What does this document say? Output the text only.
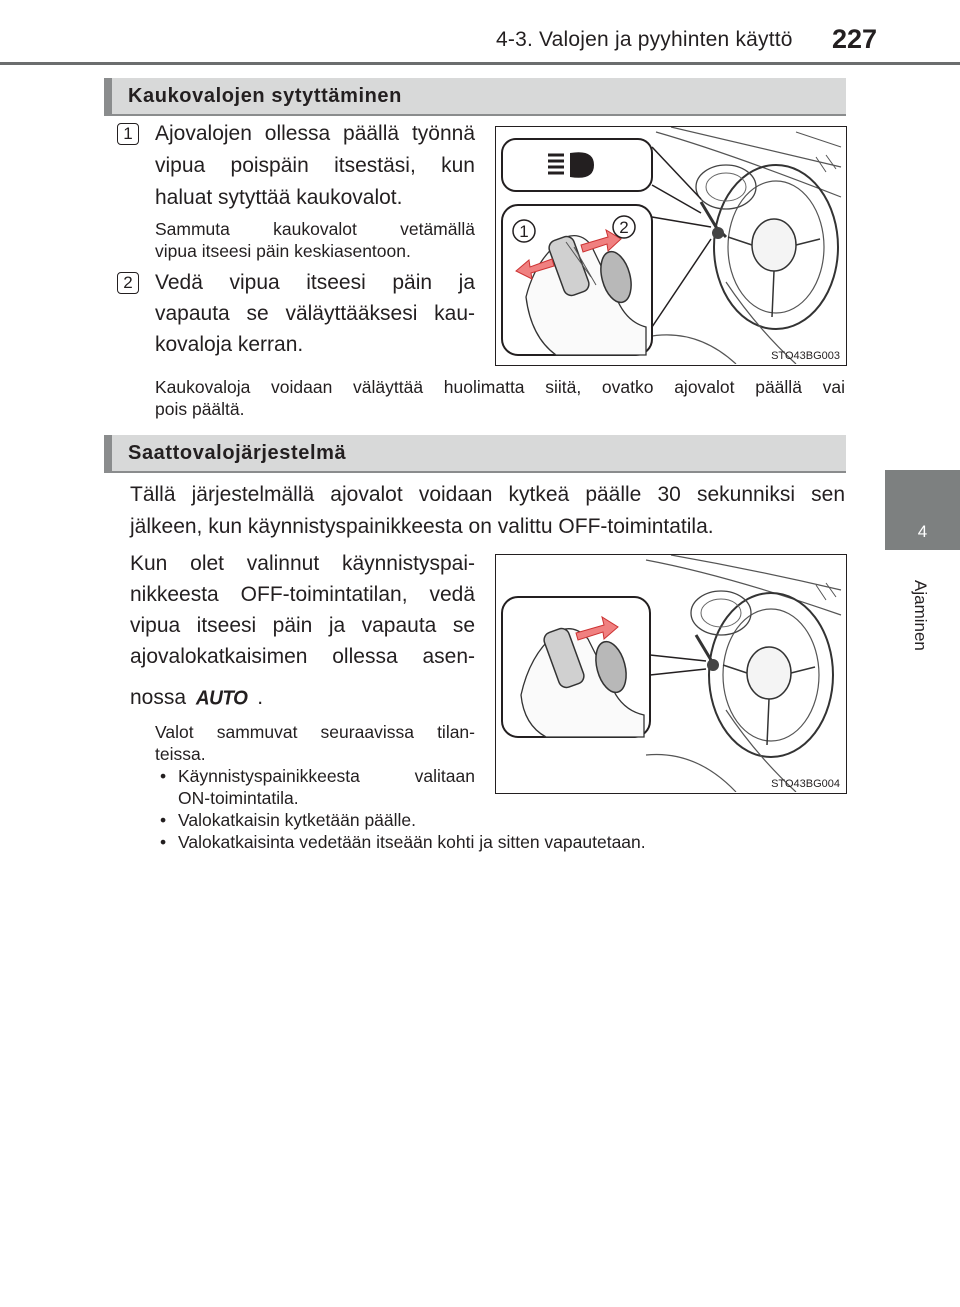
4-3. Valojen ja pyyhinten käyttö 227
4
Ajaminen
Kaukovalojen sytyttäminen
1 Ajovalojen ollessa päällä työnnä
vipua poispäin itsestäsi, kun
haluat sytyttää kaukovalot.
Sammuta kaukovalot vetämällä
vipua itseesi päin keskiasentoon.
2 Vedä vipua itseesi päin ja
vapauta se väläyttääksesi kau-
kovaloja kerran.
1	2
STO43BG003
Kaukovaloja voidaan väläyttää huolimatta siitä, ovatko ajovalot päällä vai
pois päältä.
Saattovalojärjestelmä
Tällä järjestelmällä ajovalot voidaan kytkeä päälle 30 sekunniksi sen
jälkeen, kun käynnistyspainikkeesta on valittu OFF-toimintatila.
Kun olet valinnut käynnistyspai-
nikkeesta OFF-toimintatilan, vedä
vipua itseesi päin ja vapauta se
ajovalokatkaisimen ollessa asen-
nossa AUTO .
STO43BG004
Valot sammuvat seuraavissa tilan-
teissa.
• Käynnistyspainikkeesta valitaan
ON-toimintatila.
• Valokatkaisin kytketään päälle.
• Valokatkaisinta vedetään itseään kohti ja sitten vapautetaan.
